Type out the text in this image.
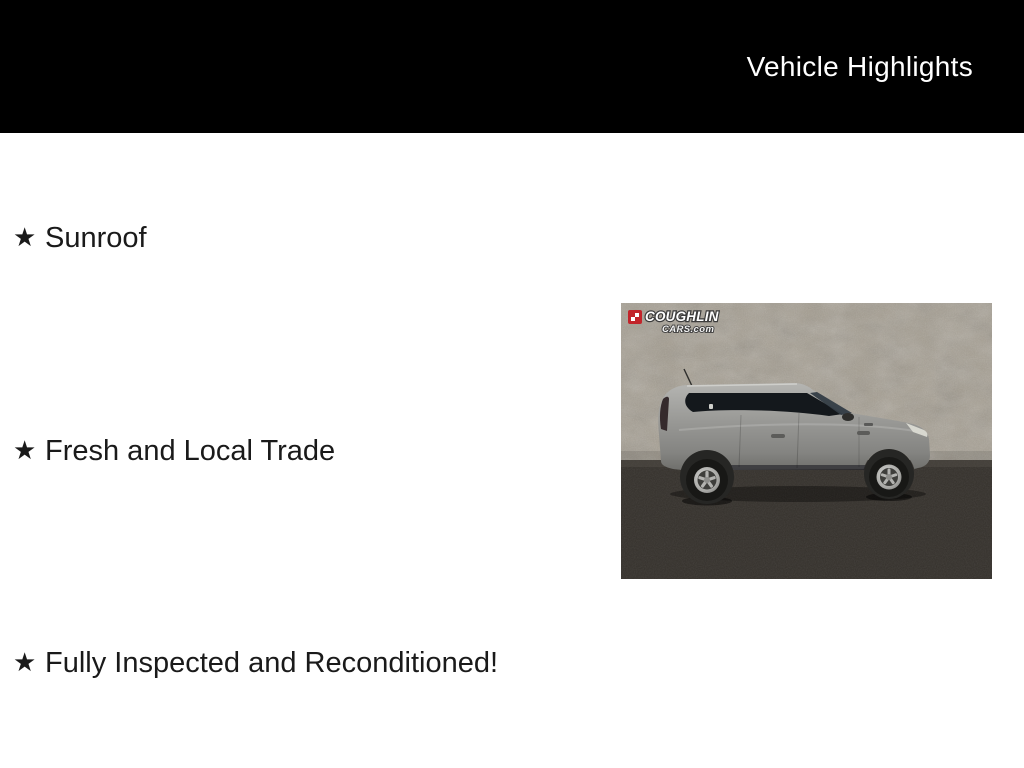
Vehicle Highlights
★ Sunroof
★ Fresh and Local Trade
★ Fully Inspected and Reconditioned!
COUGHLIN
CARS.com
